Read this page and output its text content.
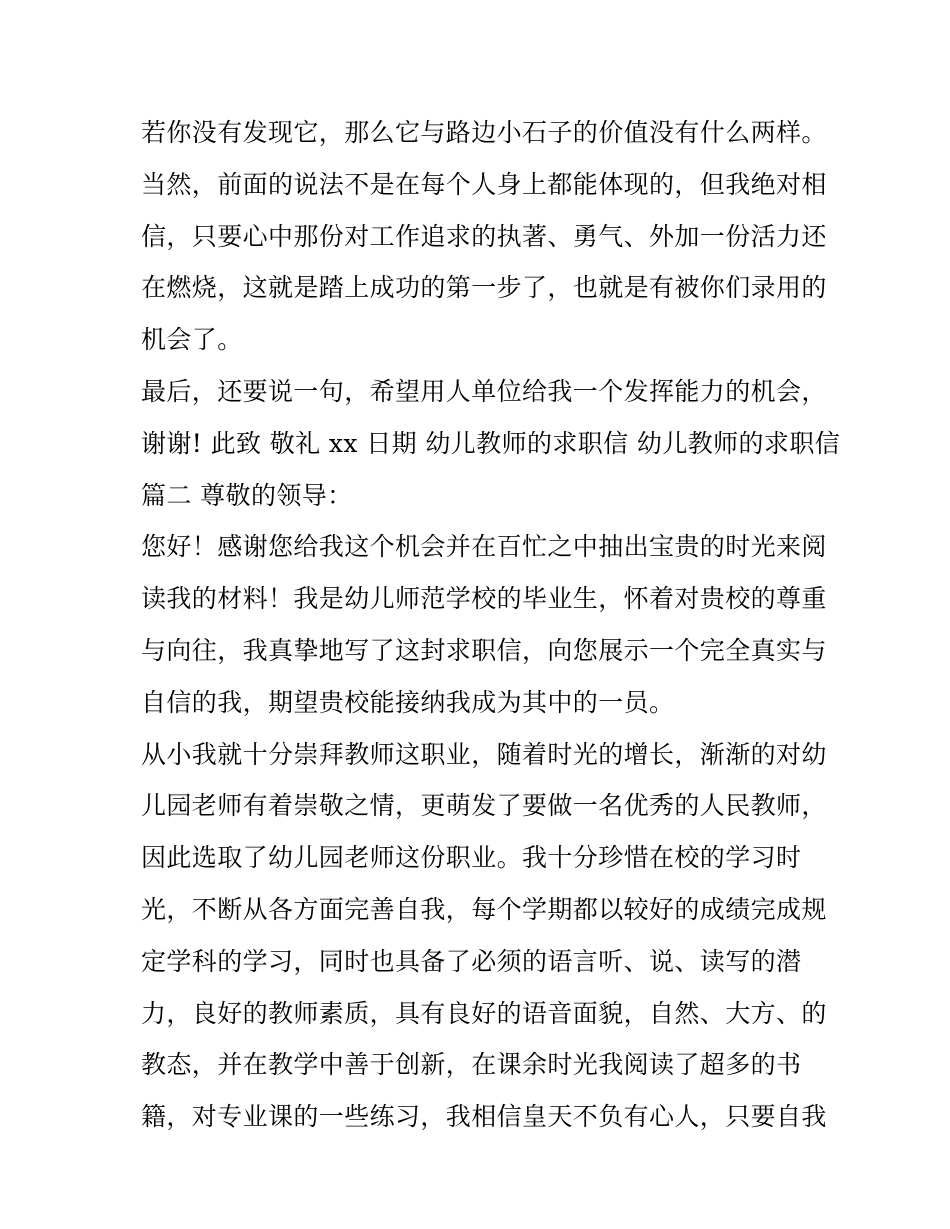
若你没有发现它，那么它与路边小石子的价值没有什么两样。
当然，前面的说法不是在每个人身上都能体现的，但我绝对相
信，只要心中那份对工作追求的执著、勇气、外加一份活力还
在燃烧，这就是踏上成功的第一步了，也就是有被你们录用的
机会了。
最后，还要说一句，希望用人单位给我一个发挥能力的机会，
谢谢! 此致 敬礼 xx 日期 幼儿教师的求职信 幼儿教师的求职信
篇二 尊敬的领导：
您好！感谢您给我这个机会并在百忙之中抽出宝贵的时光来阅
读我的材料！我是幼儿师范学校的毕业生，怀着对贵校的尊重
与向往，我真挚地写了这封求职信，向您展示一个完全真实与
自信的我，期望贵校能接纳我成为其中的一员。
从小我就十分崇拜教师这职业，随着时光的增长，渐渐的对幼
儿园老师有着崇敬之情，更萌发了要做一名优秀的人民教师，
因此选取了幼儿园老师这份职业。我十分珍惜在校的学习时
光，不断从各方面完善自我，每个学期都以较好的成绩完成规
定学科的学习，同时也具备了必须的语言听、说、读写的潜
力，良好的教师素质，具有良好的语音面貌，自然、大方、的
教态，并在教学中善于创新，在课余时光我阅读了超多的书
籍，对专业课的一些练习，我相信皇天不负有心人，只要自我
